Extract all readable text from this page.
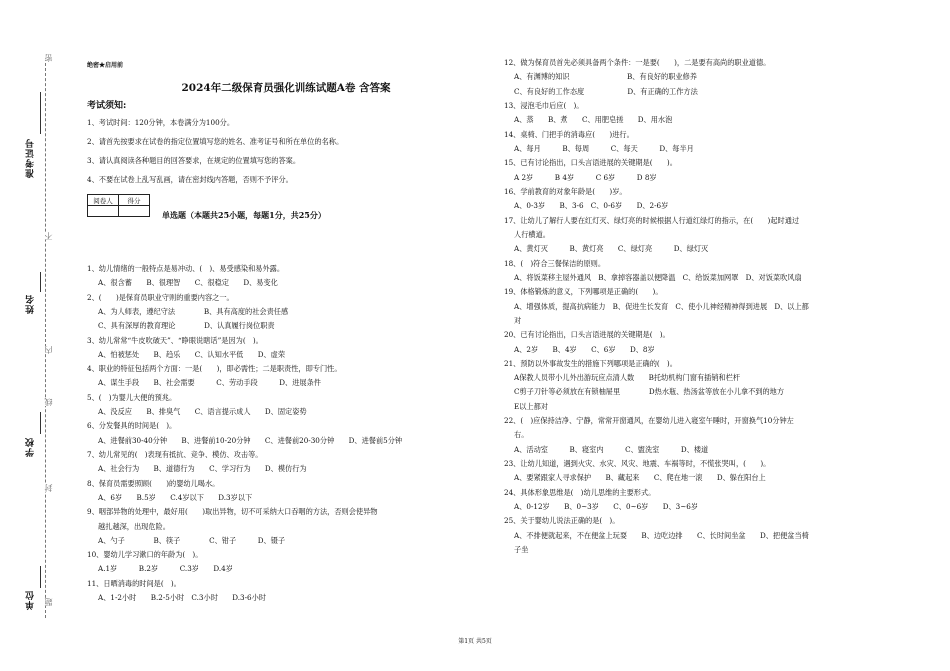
准考证号
姓名
学校
单位
密
不
内
线
封
题
绝密★启用前
2024年二级保育员强化训练试题A卷 含答案
考试须知:
1、考试时间：120分钟，本卷满分为100分。
2、请首先按要求在试卷的指定位置填写您的姓名、准考证号和所在单位的名称。
3、请认真阅读各种题目的回答要求，在规定的位置填写您的答案。
4、不要在试卷上乱写乱画，请在密封线内答题，否则不予评分。
阅卷人	得分

单选题（本题共25小题，每题1分，共25分）
1、幼儿情绪的一般特点是易冲动、(　)、易受感染和易外露。
A、很含蓄　　B、很理智　　C、很稳定　　D、易变化
2、(　　)是保育员职业守则的重要内容之一。
A、为人师表，遵纪守法　　　　B、具有高度的社会责任感
C、具有深厚的教育理论　　　　D、认真履行岗位职责
3、幼儿常常“牛皮吹破天”、“睁眼说瞎话”是因为(　)。
A、怕被惩处　　B、趋乐　　C、认知水平低　　D、虚荣
4、职业的特征包括两个方面：一是(　　)，即必需性；二是职责性，即专门性。
A、谋生手段　　B、社会需要　　　C、劳动手段　　　D、进展条件
5、(　)为婴儿大便的预兆。
A、没反应　　B、排臭气　　C、语言提示成人　　D、固定姿势
6、分发餐具的时间是(　)。
A、进餐前30-40分钟　　B、进餐前10-20分钟　　C、进餐前20-30分钟　　D、进餐前5分钟
7、幼儿常见的(　)表现有抵抗、竞争、模仿、攻击等。
A、社会行为　　B、道德行为　　C、学习行为　　D、模仿行为
8、保育员需要照顾(　　)的婴幼儿喝水。
A、6岁　　B.5岁　　C.4岁以下　　D.3岁以下
9、咽部异物的处理中，最好用(　　)取出异物，切不可采纳大口吞咽的方法，否则会使异物
越扎越深，出现危险。
A、勺子　　　　B、筷子　　　　C、钳子　　　D、镊子
10、婴幼儿学习漱口的年龄为(　)。
A.1岁　　　B.2岁　　　C.3岁　　D.4岁
11、日晒消毒的时间是(　)。
A、1-2小时　　B.2-5小时　C.3小时　　D.3-6小时
12、做为保育员首先必须具备两个条件：一是要(　　)，二是要有高尚的职业道德。
A、有渊博的知识　　　　　　　　B、有良好的职业修养
C、有良好的工作态度　　　　　　D、有正确的工作方法
13、浸泡毛巾后应(　)。
A、蒸　　B、煮　　C、用肥皂搓　　D、用水泡
14、桌椅、门把手的消毒应(　　)进行。
A、每月　　　B、每周　　　C、每天　　　D、每半月
15、已有讨论指出，口头言语进展的关键期是(　　)。
A 2岁　　　B 4岁　　　C 6岁　　　D 8岁
16、学前教育的对象年龄是(　　)岁。
A、0-3岁　　B、3-6　C、0-6岁　　D、2-6岁
17、让幼儿了解行人要在红灯灭、绿灯亮的时候根据人行道红绿灯的指示，在(　　)起时通过
人行横道。
A、黄灯灭　　　B、黄灯亮　　C、绿灯亮　　　D、绿灯灭
18、(　)符合三餐保洁的原则。
A、将饭菜移主屋外通风　B、拿掉容器盖以便降温　C、给饭菜加网罩　D、对饭菜吹风扇
19、体格锻炼的意义，下列哪项是正确的(　　)。
A、增强体质，提高抗病能力　B、促进生长发育　C、使小儿神经精神得到进展　D、以上都
对
20、已有讨论指出，口头言语进展的关键期是(　)。
A、2岁　　B、4岁　　C、6岁　　D、8岁
21、预防以外事故发生的措施下列哪项是正确的(　)。
A保教人员带小儿外出游玩应点清人数　　B托幼机构门窗有插销和栏杆
C剪子刀针等必须放在有锁柚屉里　　　　D热水瓶、热汤盆等放在小儿拿不到的地方
E以上都对
22、(　)应保持洁净、宁静，常常开窗通风，在婴幼儿进入寝室午睡时，开窗换气10分钟左
右。
A、活动室　　　B、寝室内　　　C、盥洗室　　　D、楼道
23、让幼儿知道，遇到火灾、水灾、风灾、地震、车祸等时，不慌张哭叫，(　　)。
A、要紧跟家人寻求保护　　B、藏起来　　C、爬在地一滚　　D、躲在阳台上
24、具体形象思维是(　)幼儿思维的主要形式。
A、0-12岁　　B、0~3岁　　C、0~6岁　　D、3~6岁
25、关于婴幼儿说法正确的是(　)。
A、不排便就起来，不在便盆上玩耍　　B、边吃边排　　C、长时间坐盆　　D、把便盆当椅
子坐
第1页 共5页
